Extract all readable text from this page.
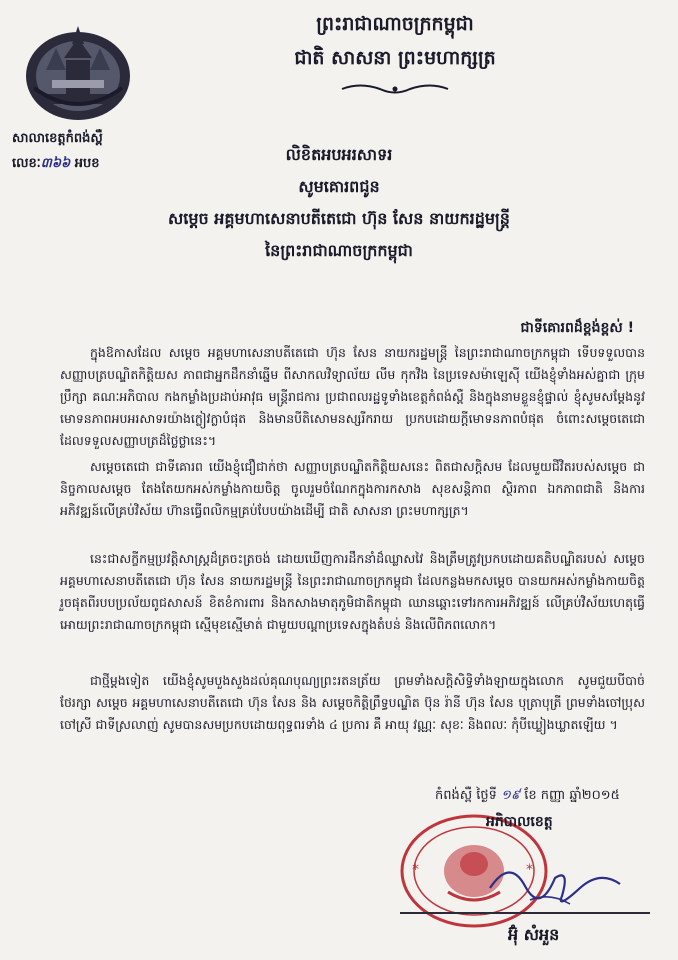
សាលាខេត្តកំពង់ស្ពឺ
លេខៈ៣៦៦ អបខ
ព្រះរាជាណាចក្រកម្ពុជា
ជាតិ សាសនា ព្រះមហាក្សត្រ
លិខិតអបអរសាទរ
សូមគោរពជូន
សម្តេច អគ្គមហាសេនាបតីតេជោ ហ៊ុន សែន នាយករដ្ឋមន្ត្រី
នៃព្រះរាជាណាចក្រកម្ពុជា
ជាទីគោរពដ៏ខ្ពង់ខ្ពស់ !

ក្នុងឱកាសដែល សម្តេច អគ្គមហាសេនាបតីតេជោ ហ៊ុន សែន នាយករដ្ឋមន្ត្រី នៃព្រះរាជាណាចក្រកម្ពុជា ទើបទទួលបានសញ្ញាបត្របណ្ឌិតកិត្តិយស ភាពជាអ្នកដឹកនាំឆ្នើម ពីសាកលវិទ្យាល័យ លីម កុកវិង នៃប្រទេសម៉ាឡេស៊ី យើងខ្ញុំទាំងអស់គ្នាជា ក្រុមប្រឹក្សា គណៈអភិបាល កងកម្លាំងប្រដាប់អាវុធ មន្ត្រីរាជការ ប្រជាពលរដ្ឋទូទាំងខេត្តកំពង់ស្ពឺ និងក្នុងនាមខ្លួនខ្ញុំផ្ទាល់ ខ្ញុំសូមសម្តែងនូវមោទនភាពអបអរសាទរយ៉ាងក្លៀវក្លាបំផុត និងមានបីតិសោមនស្សរីករាយ ប្រកបដោយក្តីមោទនភាពបំផុត ចំពោះសម្តេចតេជោ ដែលទទួលសញ្ញាបត្រដ៏ថ្លៃថ្លានេះ។

សម្តេចតេជោ ជាទីគោរព យើងខ្ញុំជឿជាក់ថា សញ្ញាបត្របណ្ឌិតកិត្តិយសនេះ ពិតជាសក្តិសម ដែលមួយជីវិតរបស់សម្តេច ជានិច្ចកាលសម្តេច តែងតែយកអស់កម្លាំងកាយចិត្ត ចូលរួមចំណែកក្នុងការកសាង សុខសន្តិភាព ស្ថិរភាព ឯកភាពជាតិ និងការអភិវឌ្ឍន៍លើគ្រប់វិស័យ ហ៊ានធ្វើពលិកម្មគ្រប់បែបយ៉ាងដើម្បី ជាតិ សាសនា ព្រះមហាក្សត្រ។

នេះជាសក្ខីកម្មប្រវត្តិសាស្ត្រដ៏ត្រចះត្រចង់ ដោយឃើញការដឹកនាំដ៏ឈ្លាសវៃ និងត្រឹមត្រូវប្រកបដោយគតិបណ្ឌិតរបស់ សម្តេច អគ្គមហាសេនាបតីតេជោ ហ៊ុន សែន នាយករដ្ឋមន្ត្រី នៃព្រះរាជាណាចក្រកម្ពុជា ដែលកន្លងមកសម្តេច បានយកអស់កម្លាំងកាយចិត្តរួចផុតពីរបបប្រល័យពូជសាសន៍ ខិតខំការពារ និងកសាងមាតុភូមិជាតិកម្ពុជា ឈានឆ្ពោះទៅរកការអភិវឌ្ឍន៍ លើគ្រប់វិស័យហេតុធ្វើអោយព្រះរាជាណាចក្រកម្ពុជា ស្មើមុខស្មើមាត់ ជាមួយបណ្តាប្រទេសក្នុងតំបន់ និងលើពិភពលោក។

ជាថ្មីម្តងទៀត យើងខ្ញុំសូមបួងសួងដល់គុណបុណ្យព្រះរតនត្រ័យ ព្រមទាំងសក្តិសិទ្ធិទាំងឡាយក្នុងលោក សូមជួយបីបាច់ថែរក្សា សម្តេច អគ្គមហាសេនាបតីតេជោ ហ៊ុន សែន និង សម្តេចកិត្តិព្រឹទ្ធបណ្ឌិត ប៊ុន រ៉ានី ហ៊ុន សែន បុត្រាបុត្រី ព្រមទាំងចៅប្រុស ចៅស្រី ជាទីស្រលាញ់ សូមបានសមប្រកបដោយពុទ្ធពរទាំង ៤ ប្រការ គឺ អាយុ វណ្ណៈ សុខៈ និងពលៈ កុំបីឃ្លៀងឃ្លាតឡើយ ។

កំពង់ស្ពឺ ថ្ងៃទី ១៩ ខែ កញ្ញា ឆ្នាំ២០១៥
*	*
អភិបាលខេត្ត
អ៊ុំ សំអួន
